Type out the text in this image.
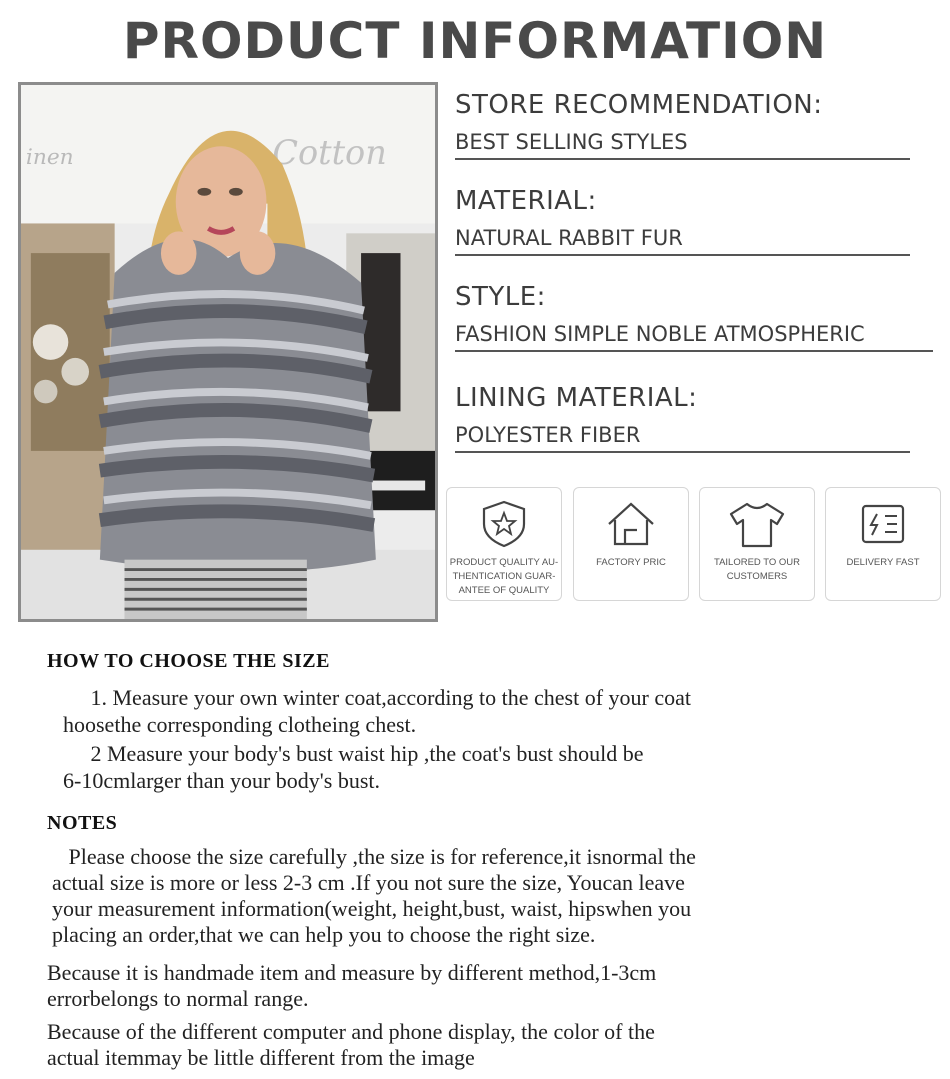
PRODUCT INFORMATION
inen	Cotton
STORE RECOMMENDATION:
BEST SELLING STYLES
MATERIAL:
NATURAL RABBIT FUR
STYLE:
FASHION SIMPLE NOBLE ATMOSPHERIC
LINING MATERIAL:
POLYESTER FIBER
PRODUCT QUALITY AU-
THENTICATION GUAR-
ANTEE OF QUALITY
FACTORY PRIC	TAILORED TO OUR
CUSTOMERS
DELIVERY FAST
HOW TO CHOOSE THE SIZE
1. Measure your own winter coat,according to the chest of your coat
hoosethe corresponding clotheing chest.
2 Measure your body's bust waist hip ,the coat's bust should be
6-10cmlarger than your body's bust.
NOTES
Please choose the size carefully ,the size is for reference,it isnormal the
actual size is more or less 2-3 cm .If you not sure the size, Youcan leave
your measurement information(weight, height,bust, waist, hipswhen you
placing an order,that we can help you to choose the right size.
Because it is handmade item and measure by different method,1-3cm
errorbelongs to normal range.
Because of the different computer and phone display, the color of the
actual itemmay be little different from the image
